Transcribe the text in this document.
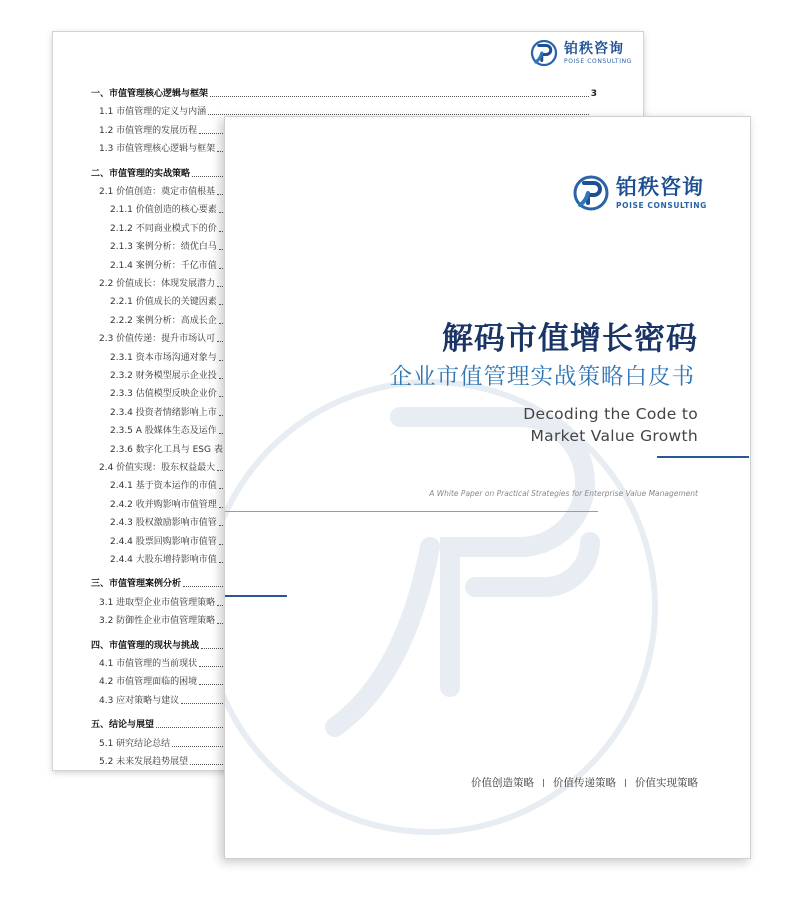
铂秩咨询
POISE CONSULTING
一、市值管理核心逻辑与框架	3
1.1 市值管理的定义与内涵
1.2 市值管理的发展历程
1.3 市值管理核心逻辑与框架
二、市值管理的实战策略
2.1 价值创造：奠定市值根基
2.1.1 价值创造的核心要素
2.1.2 不同商业模式下的价
2.1.3 案例分析：绩优白马
2.1.4 案例分析：千亿市值
2.2 价值成长：体现发展潜力
2.2.1 价值成长的关键因素
2.2.2 案例分析：高成长企
2.3 价值传递：提升市场认可
2.3.1 资本市场沟通对象与
2.3.2 财务模型展示企业投
2.3.3 估值模型反映企业价
2.3.4 投资者情绪影响上市
2.3.5 A 股媒体生态及运作
2.3.6 数字化工具与 ESG 表
2.4 价值实现：股东权益最大
2.4.1 基于资本运作的市值
2.4.2 收并购影响市值管理
2.4.3 股权激励影响市值管
2.4.4 股票回购影响市值管
2.4.4 大股东增持影响市值
三、市值管理案例分析
3.1 进取型企业市值管理策略
3.2 防御性企业市值管理策略
四、市值管理的现状与挑战
4.1 市值管理的当前现状
4.2 市值管理面临的困境
4.3 应对策略与建议
五、结论与展望
5.1 研究结论总结
5.2 未来发展趋势展望
铂秩咨询
POISE CONSULTING
解码市值增长密码
企业市值管理实战策略白皮书
Decoding the Code to
Market Value Growth
A White Paper on Practical Strategies for Enterprise Value Management
价值创造策略 价值传递策略 价值实现策略
